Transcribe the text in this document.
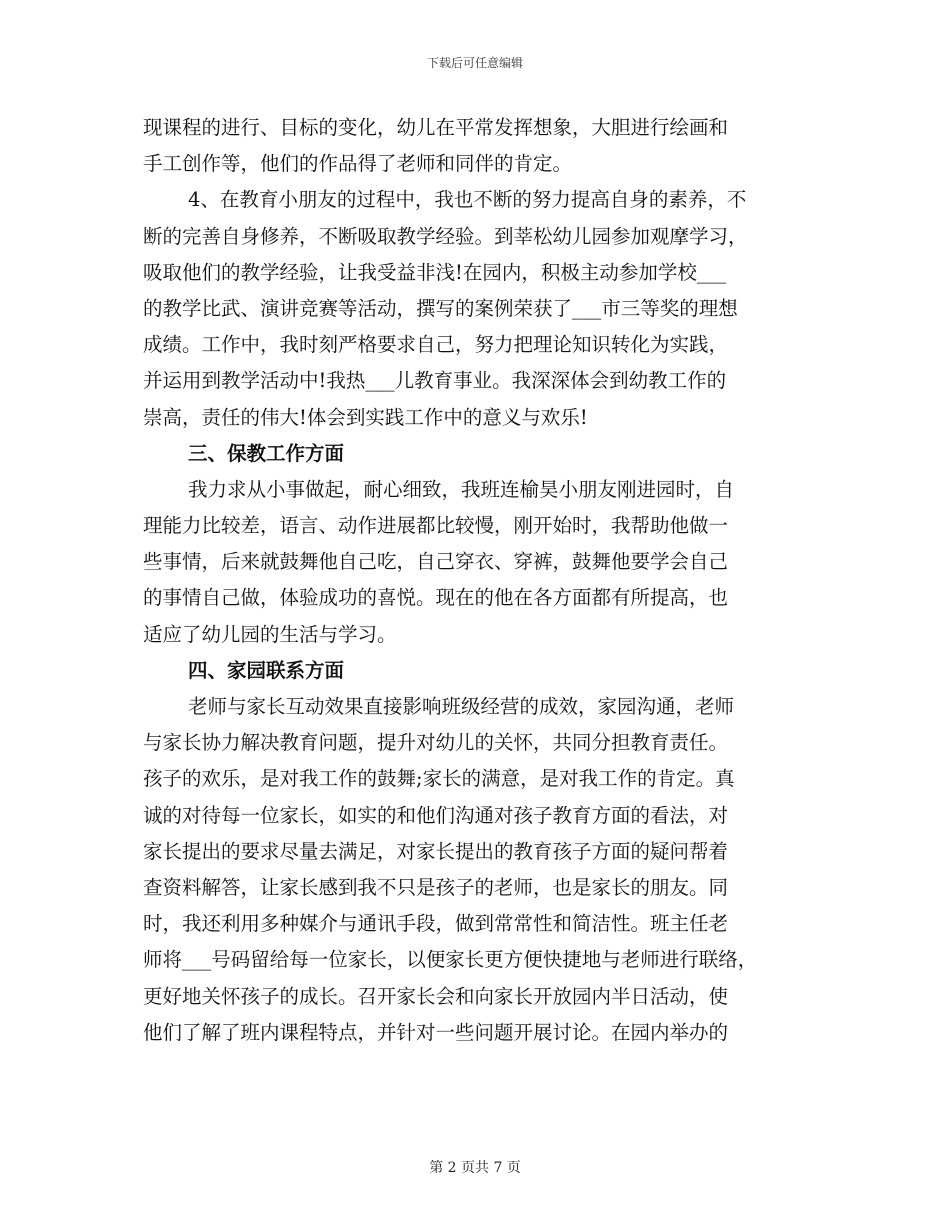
下载后可任意编辑
现课程的进行、目标的变化，幼儿在平常发挥想象，大胆进行绘画和
手工创作等，他们的作品得了老师和同伴的肯定。
4、在教育小朋友的过程中，我也不断的努力提高自身的素养，不
断的完善自身修养，不断吸取教学经验。到莘松幼儿园参加观摩学习，
吸取他们的教学经验，让我受益非浅!在园内，积极主动参加学校___
的教学比武、演讲竞赛等活动，撰写的案例荣获了___市三等奖的理想
成绩。工作中，我时刻严格要求自己，努力把理论知识转化为实践，
并运用到教学活动中!我热___儿教育事业。我深深体会到幼教工作的
崇高，责任的伟大!体会到实践工作中的意义与欢乐!
三、保教工作方面
我力求从小事做起，耐心细致，我班连榆昊小朋友刚进园时，自
理能力比较差，语言、动作进展都比较慢，刚开始时，我帮助他做一
些事情，后来就鼓舞他自己吃，自己穿衣、穿裤，鼓舞他要学会自己
的事情自己做，体验成功的喜悦。现在的他在各方面都有所提高，也
适应了幼儿园的生活与学习。
四、家园联系方面
老师与家长互动效果直接影响班级经营的成效，家园沟通，老师
与家长协力解决教育问题，提升对幼儿的关怀，共同分担教育责任。
孩子的欢乐，是对我工作的鼓舞;家长的满意，是对我工作的肯定。真
诚的对待每一位家长，如实的和他们沟通对孩子教育方面的看法，对
家长提出的要求尽量去满足，对家长提出的教育孩子方面的疑问帮着
查资料解答，让家长感到我不只是孩子的老师，也是家长的朋友。同
时，我还利用多种媒介与通讯手段，做到常常性和简洁性。班主任老
师将___号码留给每一位家长，以便家长更方便快捷地与老师进行联络，
更好地关怀孩子的成长。召开家长会和向家长开放园内半日活动，使
他们了解了班内课程特点，并针对一些问题开展讨论。在园内举办的
第 2 页共 7 页
